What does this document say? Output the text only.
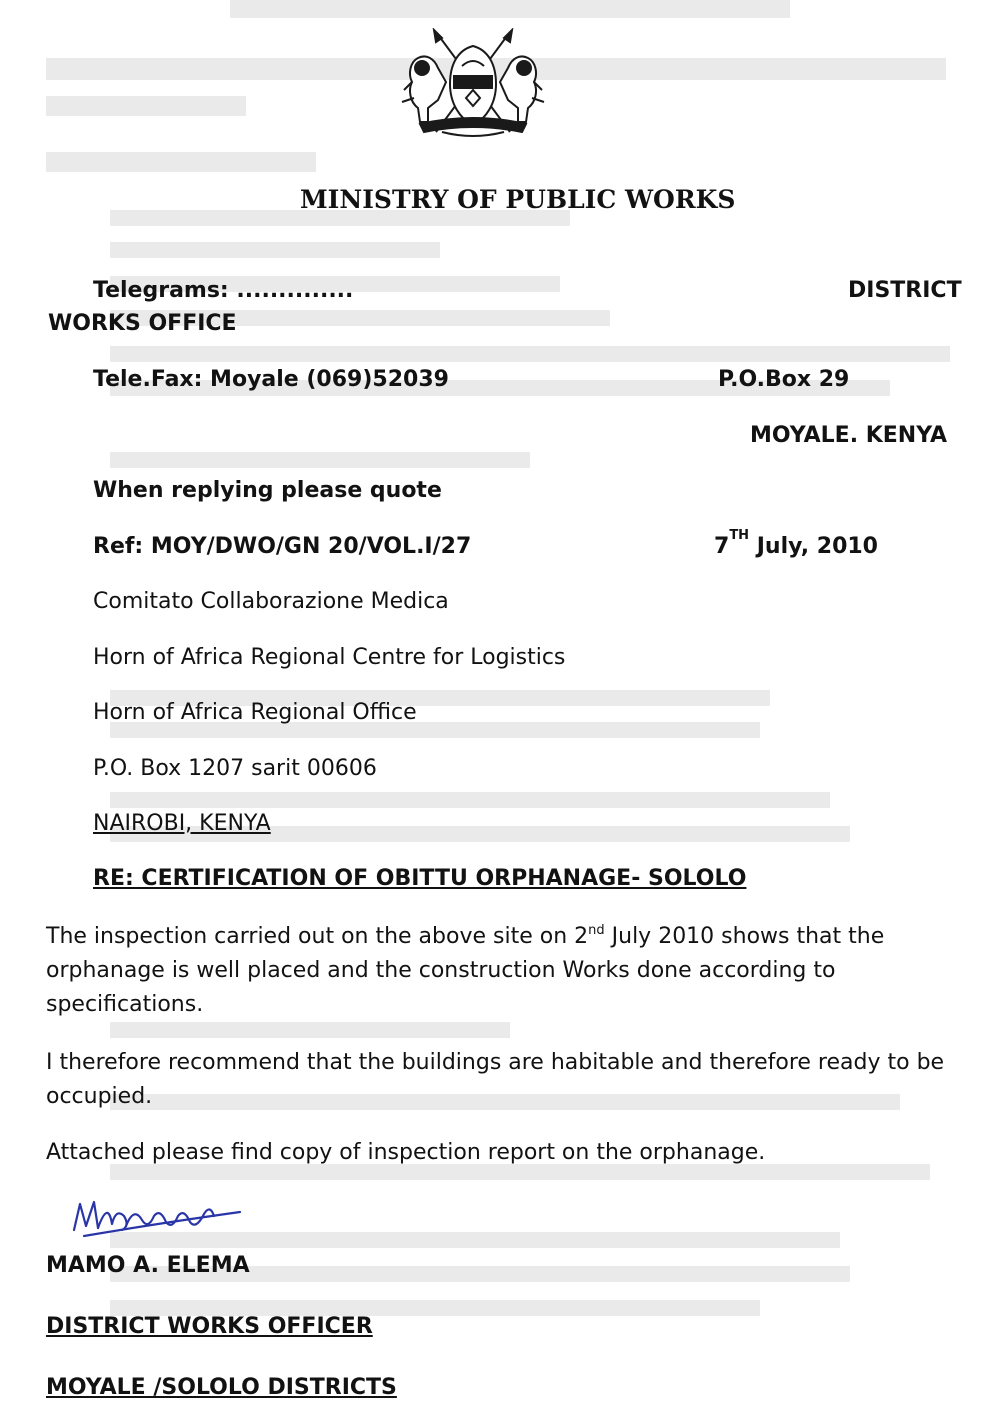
MINISTRY OF PUBLIC WORKS
Telegrams: ..............	DISTRICT
WORKS OFFICE
Tele.Fax: Moyale (069)52039	P.O.Box 29
MOYALE. KENYA
When replying please quote
Ref: MOY/DWO/GN 20/VOL.I/27	7TH July, 2010
Comitato Collaborazione Medica
Horn of Africa Regional Centre for Logistics
Horn of Africa Regional Office
P.O. Box 1207 sarit 00606
NAIROBI, KENYA
RE: CERTIFICATION OF OBITTU ORPHANAGE- SOLOLO
The inspection carried out on the above site on 2nd July 2010 shows that the orphanage is well placed and the construction Works done according to specifications.
I therefore recommend that the buildings are habitable and therefore ready to be occupied.
Attached please find copy of inspection report on the orphanage.
MAMO A. ELEMA
DISTRICT WORKS OFFICER
MOYALE /SOLOLO DISTRICTS
